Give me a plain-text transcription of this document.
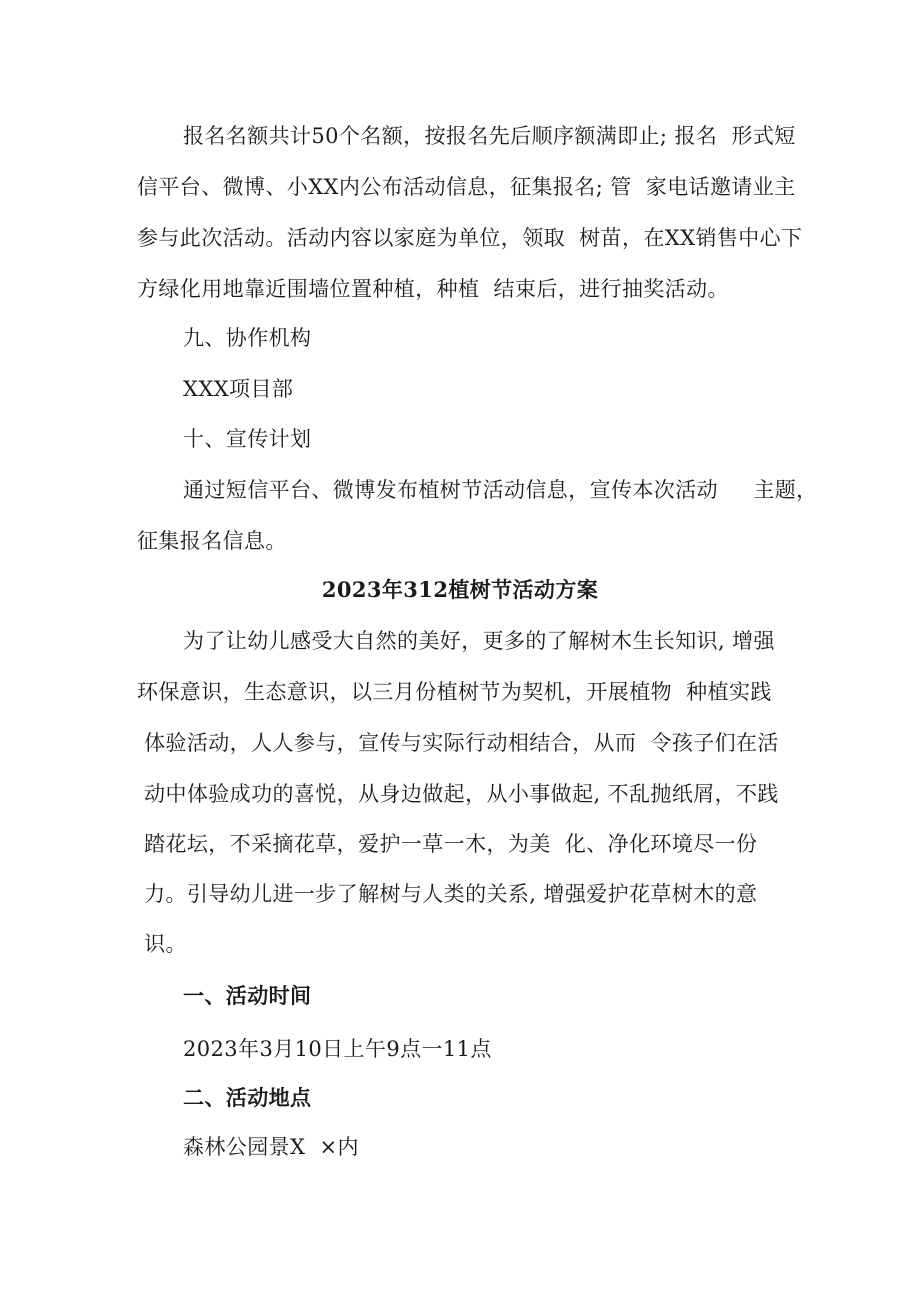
报名名额共计50个名额，按报名先后顺序额满即止; 报名  形式短
信平台、微博、小XX内公布活动信息，征集报名; 管  家电话邀请业主
参与此次活动。活动内容以家庭为单位，领取  树苗，在XX销售中心下
方绿化用地靠近围墙位置种植，种植  结束后，进行抽奖活动。
九、协作机构
XXX项目部
十、宣传计划
通过短信平台、微博发布植树节活动信息，宣传本次活动     主题，
征集报名信息。
2023年312植树节活动方案
为了让幼儿感受大自然的美好，更多的了解树木生长知识, 增强
环保意识，生态意识，以三月份植树节为契机，开展植物  种植实践
体验活动，人人参与，宣传与实际行动相结合，从而  令孩子们在活
动中体验成功的喜悦，从身边做起，从小事做起, 不乱抛纸屑，不践
踏花坛，不采摘花草，爱护一草一木，为美  化、净化环境尽一份
力。引导幼儿进一步了解树与人类的关系, 增强爱护花草树木的意
识。
一、活动时间
2023年3月10日上午9点一11点
二、活动地点
森林公园景X  ×内
